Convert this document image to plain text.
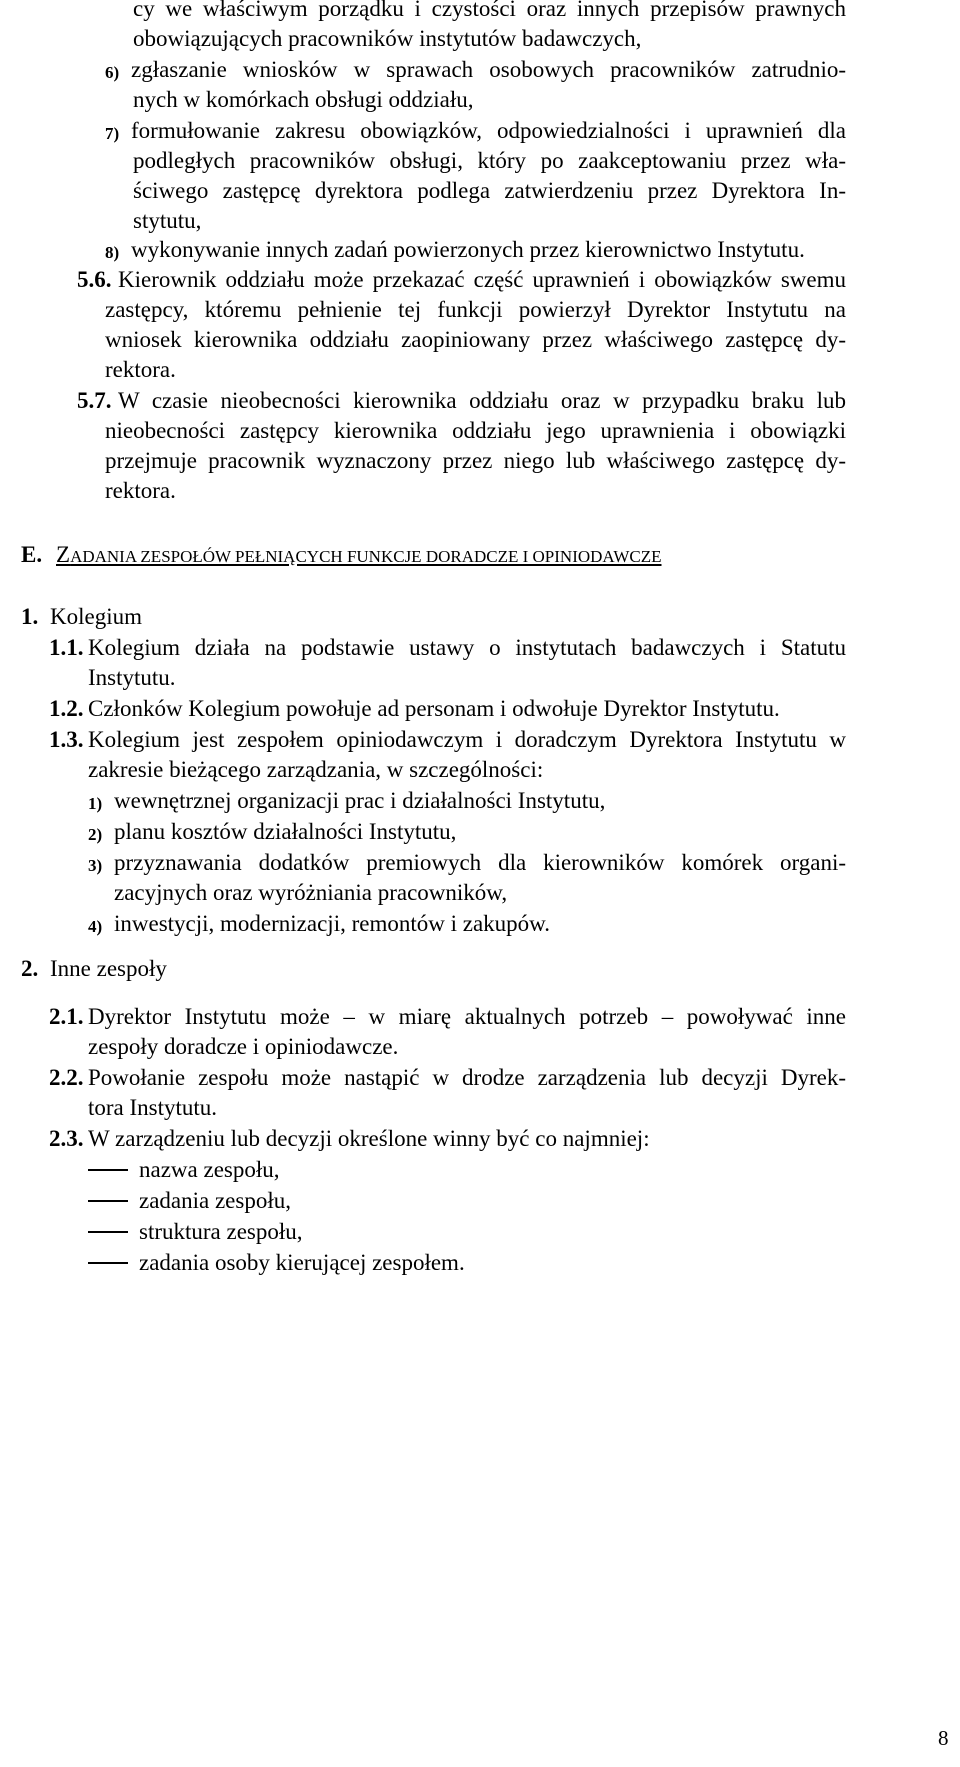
cy we właściwym porządku i czystości oraz innych przepisów prawnych
obowiązujących pracowników instytutów badawczych,
6) zgłaszanie wniosków w sprawach osobowych pracowników zatrudnio-
nych w komórkach obsługi oddziału,
7) formułowanie zakresu obowiązków, odpowiedzialności i uprawnień dla
podległych pracowników obsługi, który po zaakceptowaniu przez wła-
ściwego zastępcę dyrektora podlega zatwierdzeniu przez Dyrektora In-
stytutu,
8) wykonywanie innych zadań powierzonych przez kierownictwo Instytutu.
5.6. Kierownik oddziału może przekazać część uprawnień i obowiązków swemu
zastępcy, któremu pełnienie tej funkcji powierzył Dyrektor Instytutu na
wniosek kierownika oddziału zaopiniowany przez właściwego zastępcę dy-
rektora.
5.7. W czasie nieobecności kierownika oddziału oraz w przypadku braku lub
nieobecności zastępcy kierownika oddziału jego uprawnienia i obowiązki
przejmuje pracownik wyznaczony przez niego lub właściwego zastępcę dy-
rektora.
E. ZADANIA ZESPOŁÓW PEŁNIĄCYCH FUNKCJE DORADCZE I OPINIODAWCZE
1. Kolegium
1.1. Kolegium działa na podstawie ustawy o instytutach badawczych i Statutu
Instytutu.
1.2. Członków Kolegium powołuje ad personam i odwołuje Dyrektor Instytutu.
1.3. Kolegium jest zespołem opiniodawczym i doradczym Dyrektora Instytutu w
zakresie bieżącego zarządzania, w szczególności:
1) wewnętrznej organizacji prac i działalności Instytutu,
2) planu kosztów działalności Instytutu,
3) przyznawania dodatków premiowych dla kierowników komórek organi-
zacyjnych oraz wyróżniania pracowników,
4) inwestycji, modernizacji, remontów i zakupów.
2. Inne zespoły
2.1. Dyrektor Instytutu może – w miarę aktualnych potrzeb – powoływać inne
zespoły doradcze i opiniodawcze.
2.2. Powołanie zespołu może nastąpić w drodze zarządzenia lub decyzji Dyrek-
tora Instytutu.
2.3. W zarządzeniu lub decyzji określone winny być co najmniej:
nazwa zespołu,
zadania zespołu,
struktura zespołu,
zadania osoby kierującej zespołem.
8
